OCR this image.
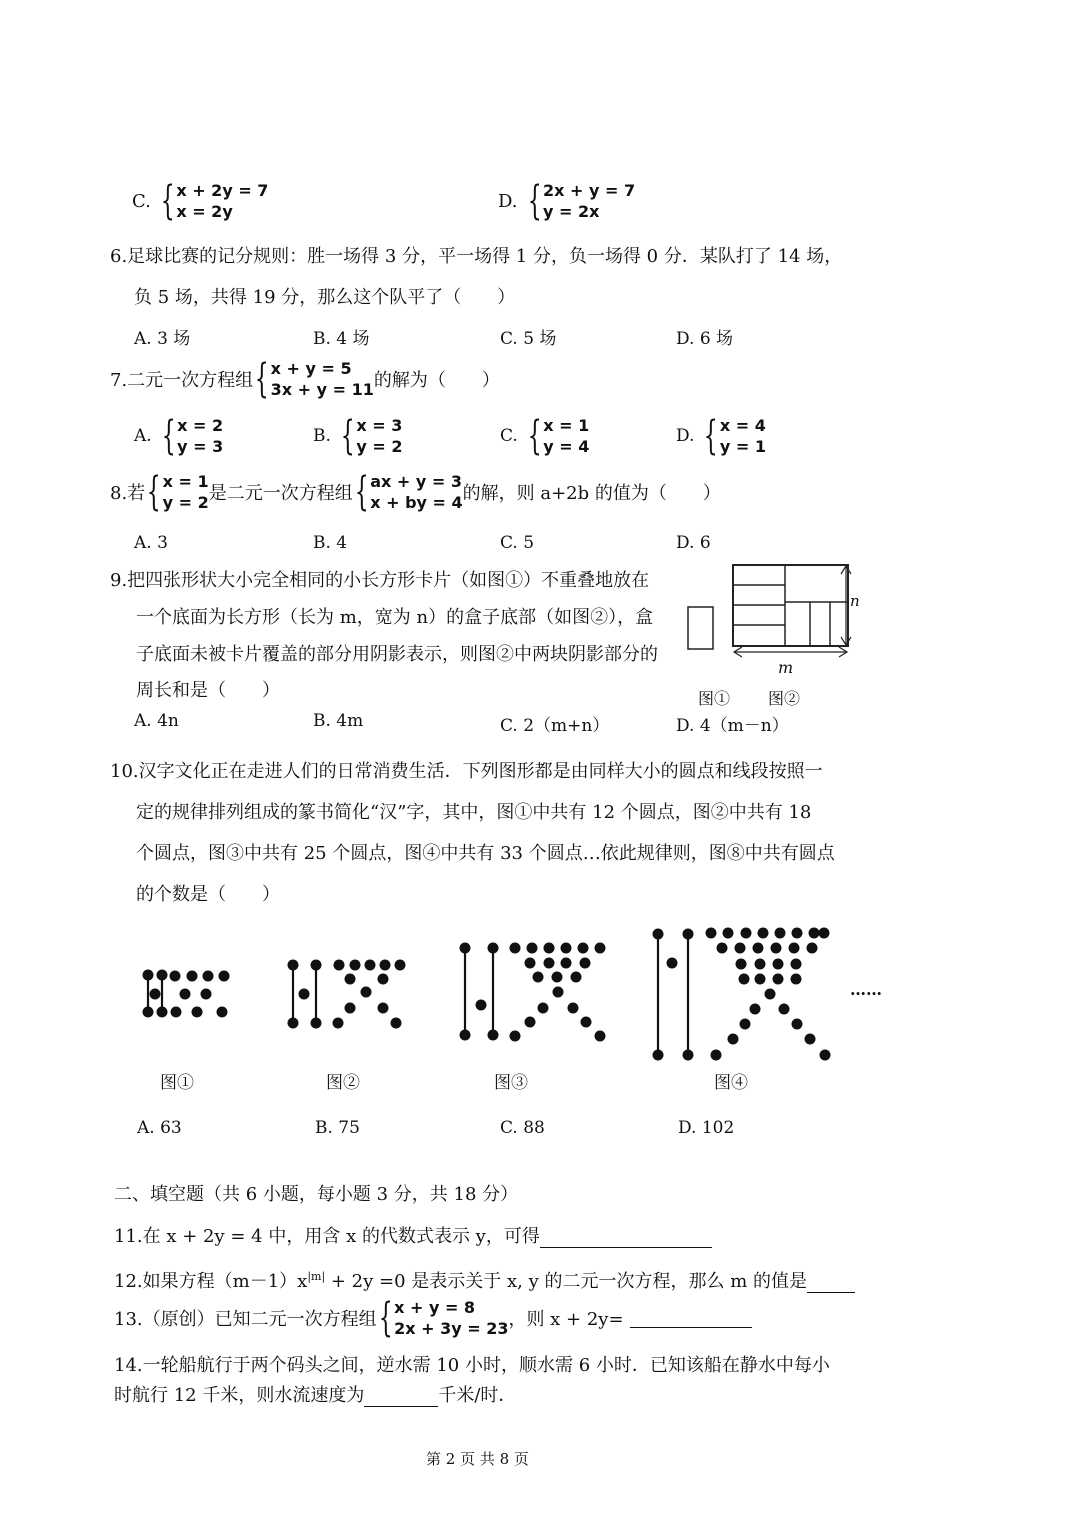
C. { x + 2y = 7
x = 2y	D. { 2x + y = 7
y = 2x
6.足球比赛的记分规则：胜一场得 3 分，平一场得 1 分，负一场得 0 分．某队打了 14 场，
负 5 场，共得 19 分，那么这个队平了（　　）
A. 3 场	B. 4 场	C. 5 场	D. 6 场
7.二元一次方程组 { x + y = 5
3x + y = 11 的解为（　　）
A. { x = 2
y = 3
B. { x = 3
y = 2
C. { x = 1
y = 4
D. { x = 4
y = 1
8.若 { x = 1
y = 2 是二元一次方程组 { ax + y = 3
x + by = 4 的解，则 a+2b 的值为（　　）
A. 3	B. 4	C. 5	D. 6
9.把四张形状大小完全相同的小长方形卡片（如图①）不重叠地放在
一个底面为长方形（长为 m，宽为 n）的盒子底部（如图②），盒
子底面未被卡片覆盖的部分用阴影表示，则图②中两块阴影部分的
周长和是（　　）
A. 4n	B. 4m	C. 2（m+n）	D. 4（m－n）
n
m
图① 图②
10.汉字文化正在走进人们的日常消费生活．下列图形都是由同样大小的圆点和线段按照一
定的规律排列组成的篆书简化“汉”字，其中，图①中共有 12 个圆点，图②中共有 18
个圆点，图③中共有 25 个圆点，图④中共有 33 个圆点…依此规律则，图⑧中共有圆点
的个数是（　　）
……
图①	图②	图③	图④
A. 63	B. 75	C. 88	D. 102
二、填空题（共 6 小题，每小题 3 分，共 18 分）
11.在 x + 2y = 4 中，用含 x 的代数式表示 y，可得
12.如果方程$(m-1)x^{|m|} + 2y =0$ 是表示关于 x, y 的二元一次方程，那么 m 的值是
13.（原创）已知二元一次方程组 { x + y = 8
2x + 3y = 23 ，则 x + 2y=
14.一轮船航行于两个码头之间，逆水需 10 小时，顺水需 6 小时．已知该船在静水中每小
时航行 12 千米，则水流速度为	千米/时．
第 2 页 共 8 页
